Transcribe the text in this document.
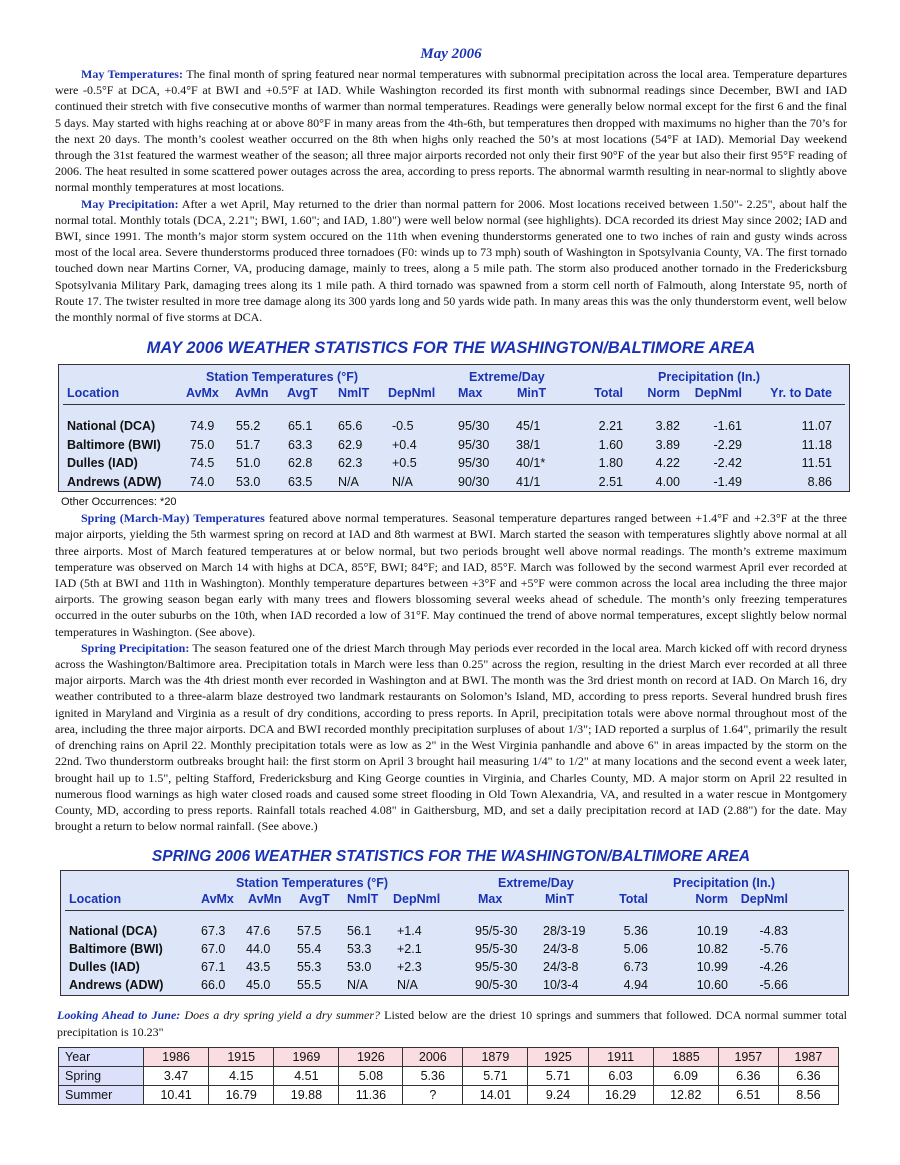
May 2006

May Temperatures: The final month of spring featured near normal temperatures with subnormal precipitation across the local area. Temperature departures were -0.5°F at DCA, +0.4°F at BWI and +0.5°F at IAD. While Washington recorded its first month with subnormal readings since December, BWI and IAD continued their stretch with five consecutive months of warmer than normal temperatures. Readings were generally below normal except for the first 6 and the final 5 days. May started with highs reaching at or above 80°F in many areas from the 4th-6th, but temperatures then dropped with maximums no higher than the 70’s for the next 20 days. The month’s coolest weather occurred on the 8th when highs only reached the 50’s at most locations (54°F at IAD). Memorial Day weekend through the 31st featured the warmest weather of the season; all three major airports recorded not only their first 90°F of the year but also their first 95°F reading of 2006. The heat resulted in some scattered power outages across the area, according to press reports. The abnormal warmth resulting in near-normal to slightly above normal monthly temperatures at most locations.

May Precipitation: After a wet April, May returned to the drier than normal pattern for 2006. Most locations received between 1.50"- 2.25", about half the normal total. Monthly totals (DCA, 2.21"; BWI, 1.60"; and IAD, 1.80") were well below normal (see highlights). DCA recorded its driest May since 2002; IAD and BWI, since 1991. The month’s major storm system occured on the 11th when evening thunderstorms generated one to two inches of rain and gusty winds across most of the local area. Severe thunderstorms produced three tornadoes (F0: winds up to 73 mph) south of Washington in Spotsylvania County, VA. The first tornado touched down near Martins Corner, VA, producing damage, mainly to trees, along a 5 mile path. The storm also produced another tornado in the Fredericksburg Spotsylvania Military Park, damaging trees along its 1 mile path. A third tornado was spawned from a storm cell north of Falmouth, along Interstate 95, north of Route 17. The twister resulted in more tree damage along its 300 yards long and 50 yards wide path. In many areas this was the only thunderstorm event, well below the monthly normal of five storms at DCA.

MAY 2006 WEATHER STATISTICS FOR THE WASHINGTON/BALTIMORE AREA
Station Temperatures (°F)	Extreme/Day	Precipitation (In.)
Location	AvMx AvMn AvgT NmlT DepNml Max	MinT	Total Norm DepNml Yr. to Date
National (DCA)	74.9 55.2 65.1 65.6 -0.5	95/30 45/1	2.21	3.82	-1.61	11.07
Baltimore (BWI) 75.0 51.7 63.3 62.9 +0.4	95/30 38/1	1.60	3.89	-2.29	11.18
Dulles (IAD)	74.5 51.0 62.8 62.3 +0.5	95/30 40/1*	1.80	4.22	-2.42	11.51
Andrews (ADW) 74.0 53.0 63.5 N/A	N/A	90/30 41/1	2.51	4.00	-1.49	8.86
Other Occurrences: *20

Spring (March-May) Temperatures featured above normal temperatures. Seasonal temperature departures ranged between +1.4°F and +2.3°F at the three major airports, yielding the 5th warmest spring on record at IAD and 8th warmest at BWI. March started the season with temperatures slightly above normal at all three airports. Most of March featured temperatures at or below normal, but two periods brought well above normal readings. The month’s extreme maximum temperature was observed on March 14 with highs at DCA, 85°F, BWI; 84°F; and IAD, 85°F. March was followed by the second warmest April ever recorded at IAD (5th at BWI and 11th in Washington). Monthly temperature departures between +3°F and +5°F were common across the local area including the three major airports. The growing season began early with many trees and flowers blossoming several weeks ahead of schedule. The month’s only freezing temperatures occurred in the outer suburbs on the 10th, when IAD recorded a low of 31°F. May continued the trend of above normal temperatures, except slightly below normal temperatures in Washington. (See above).

Spring Precipitation: The season featured one of the driest March through May periods ever recorded in the local area. March kicked off with record dryness across the Washington/Baltimore area. Precipitation totals in March were less than 0.25" across the region, resulting in the driest March ever recorded at all three major airports. March was the 4th driest month ever recorded in Washington and at BWI. The month was the 3rd driest month on record at IAD. On March 16, dry weather contributed to a three-alarm blaze destroyed two landmark restaurants on Solomon’s Island, MD, according to press reports. Several hundred brush fires ignited in Maryland and Virginia as a result of dry conditions, according to press reports. In April, precipitation totals were above normal throughout most of the area, including the three major airports. DCA and BWI recorded monthly precipitation surpluses of about 1/3"; IAD reported a surplus of 1.64", primarily the result of drenching rains on April 22. Monthly precipitation totals were as low as 2" in the West Virginia panhandle and above 6" in areas impacted by the storm on the 22nd. Two thunderstorm outbreaks brought hail: the first storm on April 3 brought hail measuring 1/4" to 1/2" at many locations and the second event a week later, brought hail up to 1.5", pelting Stafford, Fredericksburg and King George counties in Virginia, and Charles County, MD. A major storm on April 22 resulted in numerous flood warnings as high water closed roads and caused some street flooding in Old Town Alexandria, VA, and resulted in a water rescue in Montgomery County, MD, according to press reports. Rainfall totals reached 4.08" in Gaithersburg, MD, and set a daily precipitation record at IAD (2.88") for the date. May brought a return to below normal rainfall. (See above.)

SPRING 2006 WEATHER STATISTICS FOR THE WASHINGTON/BALTIMORE AREA
Station Temperatures (°F)	Extreme/Day	Precipitation (In.)
Location	AvMx AvMn AvgT NmlT DepNml	Max	MinT	Total	Norm DepNml
National (DCA)	67.3 47.6 57.5 56.1 +1.4	95/5-30 28/3-19	5.36	10.19	-4.83
Baltimore (BWI)	67.0 44.0 55.4 53.3 +2.1	95/5-30 24/3-8	5.06	10.82	-5.76
Dulles (IAD)	67.1 43.5 55.3 53.0 +2.3	95/5-30 24/3-8	6.73	10.99	-4.26
Andrews (ADW)	66.0 45.0 55.5 N/A N/A	90/5-30 10/3-4	4.94	10.60	-5.66

Looking Ahead to June: Does a dry spring yield a dry summer? Listed below are the driest 10 springs and summers that followed. DCA normal summer total precipitation is 10.23"

Year	1986	1915	1969	1926	2006	1879	1925	1911	1885	1957	1987
Spring	3.47	4.15	4.51	5.08	5.36	5.71	5.71	6.03	6.09	6.36	6.36
Summer	10.41	16.79	19.88	11.36	?	14.01	9.24	16.29	12.82	6.51	8.56
